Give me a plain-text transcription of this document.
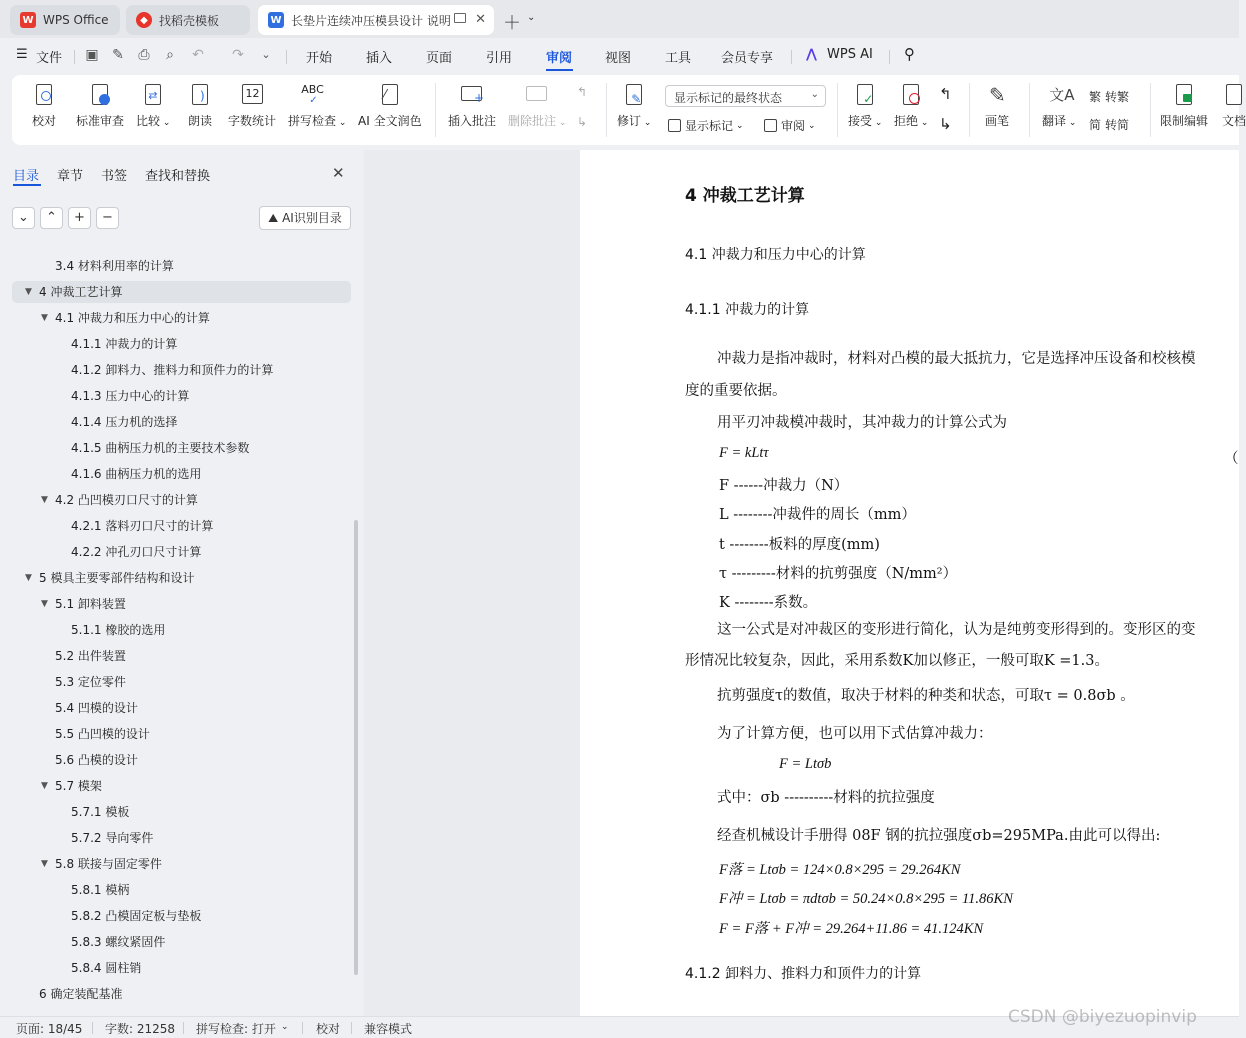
W WPS Office	◆ 找稻壳模板	W 长垫片连续冲压模县设计 说明 ✕ ＋ ⌄
☰ 文件 ▣ ✎ ⎙ ⌕ ↶ ↷	⌄	开始	插入	页面	引用	审阅	视图	工具 会员专享	⋀ WPS AI ⚲
校对 标准审查
⇄
比较 ⌄
)
朗读
12
字数统计
ABC
✓
拼写检查 ⌄
⁄
AI 全文润色
+
插入批注 删除批注 ⌄
↰
↳
✎
修订 ⌄
显示标记的最终状态	⌄
显示标记 ⌄	审阅 ⌄
✓
接受 ⌄ 拒绝 ⌄
↰
↳
✎
画笔
文A
翻译 ⌄
繁 转繁
简 转简	限制编辑 文档
目录 章节 书签 查找和替换	✕
⌄	⌃	+	−	⛰ AI识别目录
3.4 材料利用率的计算
▼ 4 冲裁工艺计算
▼ 4.1 冲裁力和压力中心的计算
4.1.1 冲裁力的计算
4.1.2 卸料力、推料力和顶件力的计算
4.1.3 压力中心的计算
4.1.4 压力机的选择
4.1.5 曲柄压力机的主要技术参数
4.1.6 曲柄压力机的选用
▼ 4.2 凸凹模刃口尺寸的计算
4.2.1 落料刃口尺寸的计算
4.2.2 冲孔刃口尺寸计算
▼ 5 模具主要零部件结构和设计
▼ 5.1 卸料装置
5.1.1 橡胶的选用
5.2 出件装置
5.3 定位零件
5.4 凹模的设计
5.5 凸凹模的设计
5.6 凸模的设计
▼ 5.7 模架
5.7.1 模板
5.7.2 导向零件
▼ 5.8 联接与固定零件
5.8.1 模柄
5.8.2 凸模固定板与垫板
5.8.3 螺纹紧固件
5.8.4 圆柱销
6 确定装配基准
4 冲裁工艺计算
4.1 冲裁力和压力中心的计算
4.1.1 冲裁力的计算
冲裁力是指冲裁时，材料对凸模的最大抵抗力，它是选择冲压设备和校核模
度的重要依据。
用平刃冲裁模冲裁时，其冲裁力的计算公式为
F = kLtτ	（
F ------冲裁力（N）
L --------冲裁件的周长（mm）
t --------板料的厚度(mm)
τ ---------材料的抗剪强度（N/mm²）
K --------系数。
这一公式是对冲裁区的变形进行简化，认为是纯剪变形得到的。变形区的变
形情况比较复杂，因此，采用系数K加以修正，一般可取K =1.3。
抗剪强度τ的数值，取决于材料的种类和状态，可取τ = 0.8σb 。
为了计算方便，也可以用下式估算冲裁力：
F = Ltσb
式中：σb ----------材料的抗拉强度
经查机械设计手册得 08F 钢的抗拉强度σb=295MPa.由此可以得出:
F落 = Ltσb = 124×0.8×295 = 29.264KN
F冲 = Ltσb = πdtσb = 50.24×0.8×295 = 11.86KN
F = F落 + F冲 = 29.264+11.86 = 41.124KN
4.1.2 卸料力、推料力和顶件力的计算
页面: 18/45 字数: 21258 拼写检查: 打开 ⌄ 校对 兼容模式
CSDN @biyezuopinvip
